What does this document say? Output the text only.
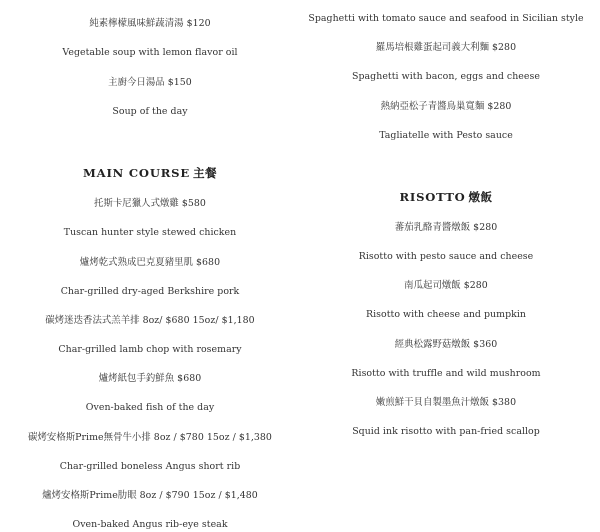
純素檸檬風味鮮蔬清湯 $120
Vegetable soup with lemon flavor oil
主廚今日湯品 $150
Soup of the day
MAIN COURSE 主餐
托斯卡尼獵人式燉雞 $580
Tuscan hunter style stewed chicken
爐烤乾式熟成巴克夏豬里肌 $680
Char-grilled dry-aged Berkshire pork
碳烤迷迭香法式羔羊排 8oz/ $680 15oz/ $1,180
Char-grilled lamb chop with rosemary
爐烤紙包手釣鮮魚 $680
Oven-baked fish of the day
碳烤安格斯Prime無骨牛小排 8oz / $780 15oz / $1,380
Char-grilled boneless Angus short rib
爐烤安格斯Prime肋眼 8oz / $790 15oz / $1,480
Oven-baked Angus rib-eye steak
Spaghetti with tomato sauce and seafood in Sicilian style
羅馬培根雞蛋起司義大利麵 $280
Spaghetti with bacon, eggs and cheese
熱納亞松子青醬鳥巢寬麵 $280
Tagliatelle with Pesto sauce
RISOTTO 燉飯
蕃茄乳酪青醬燉飯 $280
Risotto with pesto sauce and cheese
南瓜起司燉飯 $280
Risotto with cheese and pumpkin
經典松露野菇燉飯 $360
Risotto with truffle and wild mushroom
嫩煎鮮干貝自製墨魚汁燉飯 $380
Squid ink risotto with pan-fried scallop
